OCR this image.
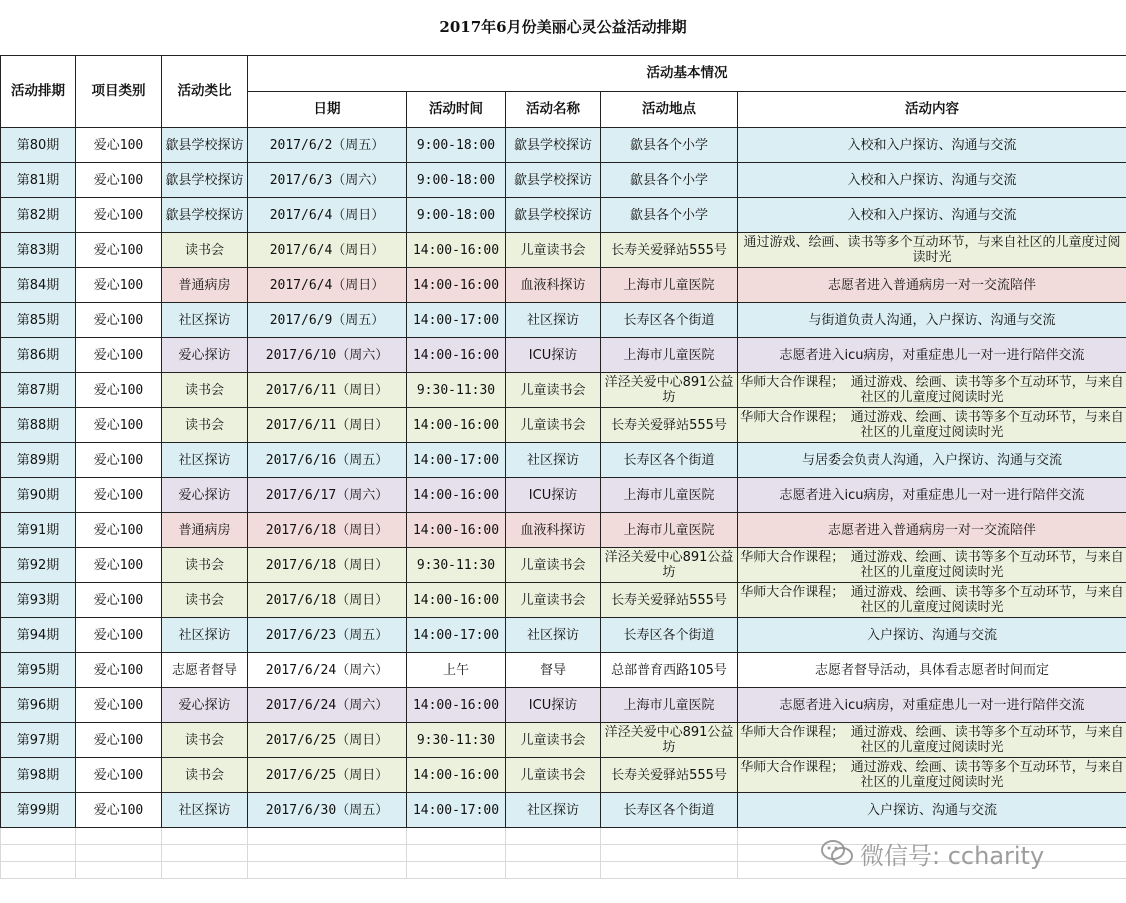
2017年6月份美丽心灵公益活动排期
活动排期	项目类别	活动类比	活动基本情况				
			日期	活动时间	活动名称	活动地点	活动内容
第80期	爱心100	歙县学校探访	2017/6/2（周五）	9:00-18:00	歙县学校探访	歙县各个小学	入校和入户探访、沟通与交流
第81期	爱心100	歙县学校探访	2017/6/3（周六）	9:00-18:00	歙县学校探访	歙县各个小学	入校和入户探访、沟通与交流
第82期	爱心100	歙县学校探访	2017/6/4（周日）	9:00-18:00	歙县学校探访	歙县各个小学	入校和入户探访、沟通与交流
第83期	爱心100	读书会	2017/6/4（周日）	14:00-16:00	儿童读书会	长寿关爱驿站555号	通过游戏、绘画、读书等多个互动环节，与来自社区的儿童度过阅读时光
第84期	爱心100	普通病房	2017/6/4（周日）	14:00-16:00	血液科探访	上海市儿童医院	志愿者进入普通病房一对一交流陪伴
第85期	爱心100	社区探访	2017/6/9（周五）	14:00-17:00	社区探访	长寿区各个街道	与街道负责人沟通，入户探访、沟通与交流
第86期	爱心100	爱心探访	2017/6/10（周六）	14:00-16:00	ICU探访	上海市儿童医院	志愿者进入icu病房，对重症患儿一对一进行陪伴交流
第87期	爱心100	读书会	2017/6/11（周日）	9:30-11:30	儿童读书会	洋泾关爱中心891公益坊	华师大合作课程；　通过游戏、绘画、读书等多个互动环节，与来自社区的儿童度过阅读时光
第88期	爱心100	读书会	2017/6/11（周日）	14:00-16:00	儿童读书会	长寿关爱驿站555号	华师大合作课程；　通过游戏、绘画、读书等多个互动环节，与来自社区的儿童度过阅读时光
第89期	爱心100	社区探访	2017/6/16（周五）	14:00-17:00	社区探访	长寿区各个街道	与居委会负责人沟通，入户探访、沟通与交流
第90期	爱心100	爱心探访	2017/6/17（周六）	14:00-16:00	ICU探访	上海市儿童医院	志愿者进入icu病房，对重症患儿一对一进行陪伴交流
第91期	爱心100	普通病房	2017/6/18（周日）	14:00-16:00	血液科探访	上海市儿童医院	志愿者进入普通病房一对一交流陪伴
第92期	爱心100	读书会	2017/6/18（周日）	9:30-11:30	儿童读书会	洋泾关爱中心891公益坊	华师大合作课程；　通过游戏、绘画、读书等多个互动环节，与来自社区的儿童度过阅读时光
第93期	爱心100	读书会	2017/6/18（周日）	14:00-16:00	儿童读书会	长寿关爱驿站555号	华师大合作课程；　通过游戏、绘画、读书等多个互动环节，与来自社区的儿童度过阅读时光
第94期	爱心100	社区探访	2017/6/23（周五）	14:00-17:00	社区探访	长寿区各个街道	入户探访、沟通与交流
第95期	爱心100	志愿者督导	2017/6/24（周六）	上午	督导	总部普育西路105号	志愿者督导活动，具体看志愿者时间而定
第96期	爱心100	爱心探访	2017/6/24（周六）	14:00-16:00	ICU探访	上海市儿童医院	志愿者进入icu病房，对重症患儿一对一进行陪伴交流
第97期	爱心100	读书会	2017/6/25（周日）	9:30-11:30	儿童读书会	洋泾关爱中心891公益坊	华师大合作课程；　通过游戏、绘画、读书等多个互动环节，与来自社区的儿童度过阅读时光
第98期	爱心100	读书会	2017/6/25（周日）	14:00-16:00	儿童读书会	长寿关爱驿站555号	华师大合作课程；　通过游戏、绘画、读书等多个互动环节，与来自社区的儿童度过阅读时光
第99期	爱心100	社区探访	2017/6/30（周五）	14:00-17:00	社区探访	长寿区各个街道	入户探访、沟通与交流

微信号: ccharity
